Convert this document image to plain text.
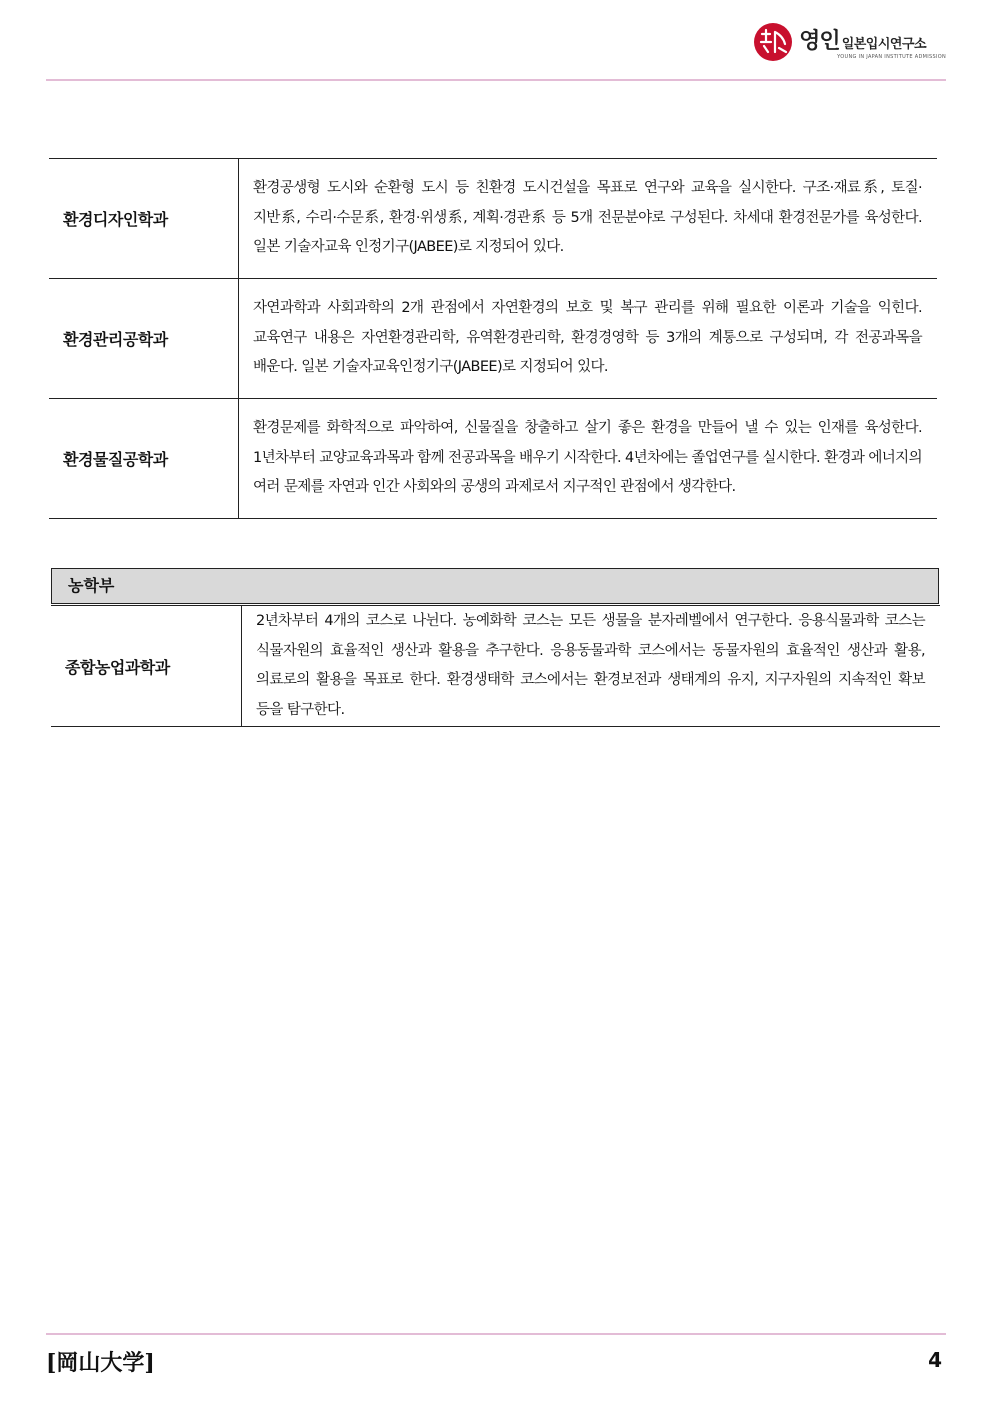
영인 일본입시연구소
YOUNG IN JAPAN INSTITUTE ADMISSION
환경디자인학과	환경공생형 도시와 순환형 도시 등 친환경 도시건설을 목표로 연구와 교육을 실시한다. 구조·재료系, 토질·지반系, 수리·수문系, 환경·위생系, 계획·경관系 등 5개 전문분야로 구성된다. 차세대 환경전문가를 육성한다. 일본 기술자교육 인정기구(JABEE)로 지정되어 있다.
환경관리공학과	자연과학과 사회과학의 2개 관점에서 자연환경의 보호 및 복구 관리를 위해 필요한 이론과 기술을 익힌다. 교육연구 내용은 자연환경관리학, 유역환경관리학, 환경경영학 등 3개의 계통으로 구성되며, 각 전공과목을 배운다. 일본 기술자교육인정기구(JABEE)로 지정되어 있다.
환경물질공학과	환경문제를 화학적으로 파악하여, 신물질을 창출하고 살기 좋은 환경을 만들어 낼 수 있는 인재를 육성한다. 1년차부터 교양교육과목과 함께 전공과목을 배우기 시작한다. 4년차에는 졸업연구를 실시한다. 환경과 에너지의 여러 문제를 자연과 인간 사회와의 공생의 과제로서 지구적인 관점에서 생각한다.
농학부
종합농업과학과	2년차부터 4개의 코스로 나뉜다. 농예화학 코스는 모든 생물을 분자레벨에서 연구한다. 응용식물과학 코스는 식물자원의 효율적인 생산과 활용을 추구한다. 응용동물과학 코스에서는 동물자원의 효율적인 생산과 활용, 의료로의 활용을 목표로 한다. 환경생태학 코스에서는 환경보전과 생태계의 유지, 지구자원의 지속적인 확보 등을 탐구한다.
[岡山大学]	4
